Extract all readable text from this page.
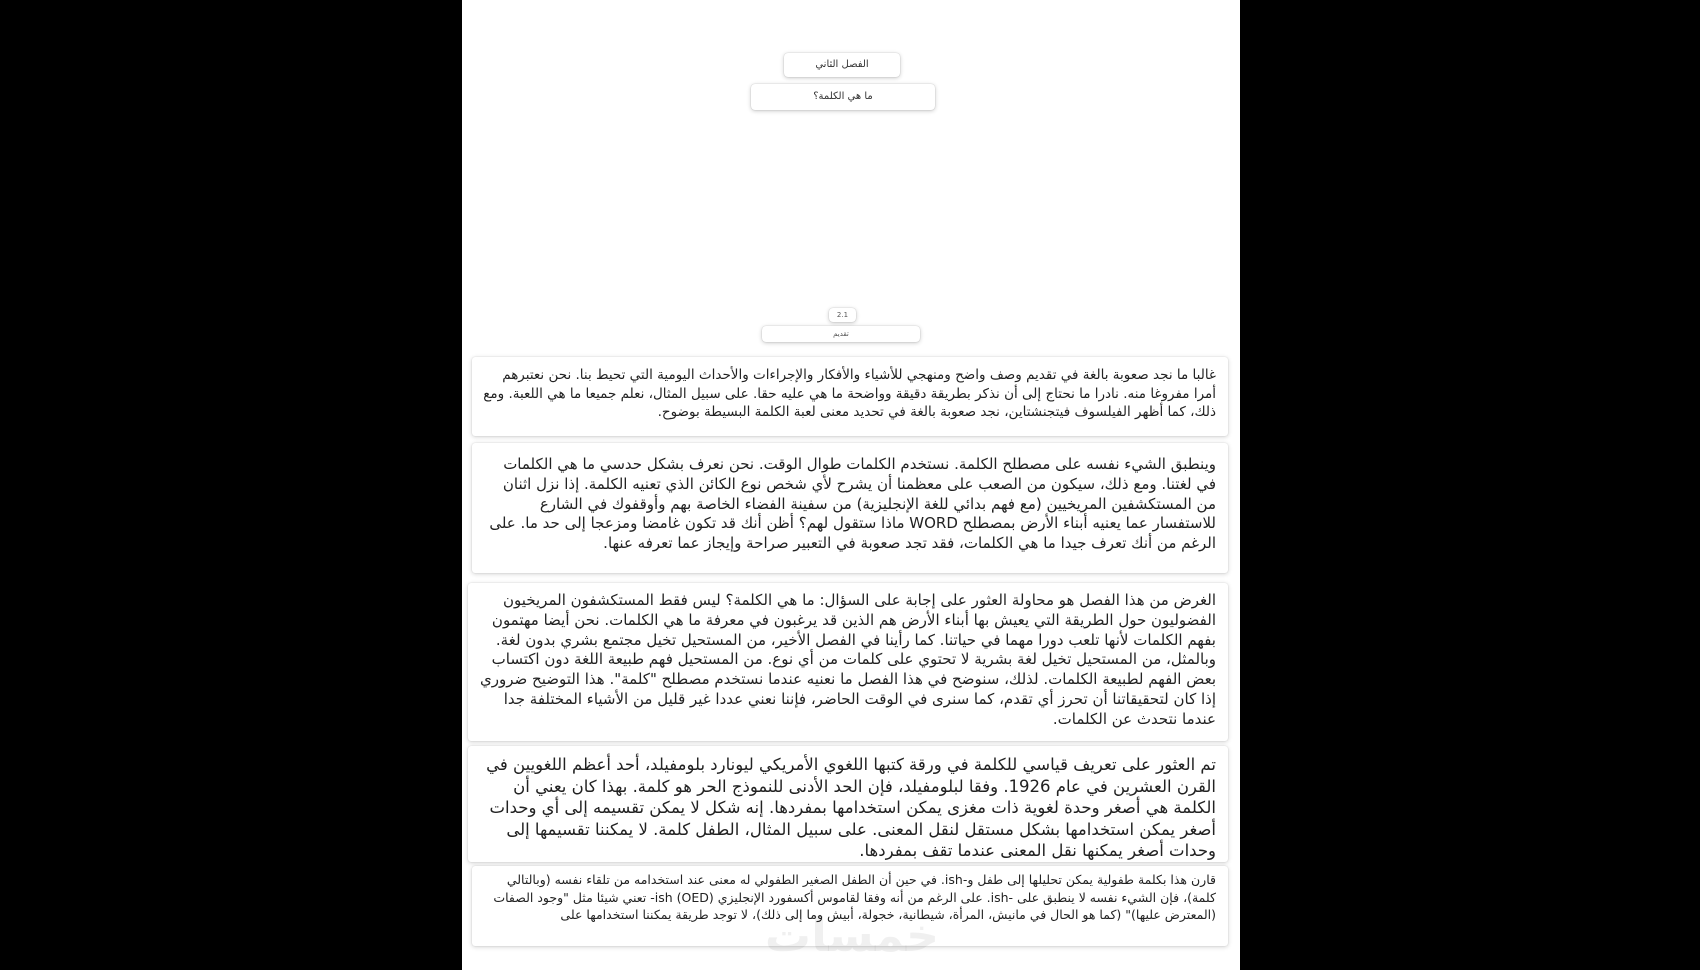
الفصل الثاني
ما هي الكلمة؟
2.1
تقديم
غالبا ما نجد صعوبة بالغة في تقديم وصف واضح ومنهجي للأشياء والأفكار والإجراءات والأحداث اليومية التي تحيط بنا. نحن نعتبرهم أمرا مفروغا منه. نادرا ما نحتاج إلى أن نذكر بطريقة دقيقة وواضحة ما هي عليه حقا. على سبيل المثال، نعلم جميعا ما هي اللعبة. ومع ذلك، كما أظهر الفيلسوف فيتجنشتاين، نجد صعوبة بالغة في تحديد معنى لعبة الكلمة البسيطة بوضوح.
وينطبق الشيء نفسه على مصطلح الكلمة. نستخدم الكلمات طوال الوقت. نحن نعرف بشكل حدسي ما هي الكلمات في لغتنا. ومع ذلك، سيكون من الصعب على معظمنا أن يشرح لأي شخص نوع الكائن الذي تعنيه الكلمة. إذا نزل اثنان من المستكشفين المريخيين (مع فهم بدائي للغة الإنجليزية) من سفينة الفضاء الخاصة بهم وأوقفوك في الشارع للاستفسار عما يعنيه أبناء الأرض بمصطلح WORD ماذا ستقول لهم؟ أظن أنك قد تكون غامضا ومزعجا إلى حد ما. على الرغم من أنك تعرف جيدا ما هي الكلمات، فقد تجد صعوبة في التعبير صراحة وإيجاز عما تعرفه عنها.
الغرض من هذا الفصل هو محاولة العثور على إجابة على السؤال: ما هي الكلمة؟ ليس فقط المستكشفون المريخيون الفضوليون حول الطريقة التي يعيش بها أبناء الأرض هم الذين قد يرغبون في معرفة ما هي الكلمات. نحن أيضا مهتمون بفهم الكلمات لأنها تلعب دورا مهما في حياتنا. كما رأينا في الفصل الأخير، من المستحيل تخيل مجتمع بشري بدون لغة. وبالمثل، من المستحيل تخيل لغة بشرية لا تحتوي على كلمات من أي نوع. من المستحيل فهم طبيعة اللغة دون اكتساب بعض الفهم لطبيعة الكلمات. لذلك، سنوضح في هذا الفصل ما نعنيه عندما نستخدم مصطلح "كلمة". هذا التوضيح ضروري إذا كان لتحقيقاتنا أن تحرز أي تقدم، كما سنرى في الوقت الحاضر، فإننا نعني عددا غير قليل من الأشياء المختلفة جدا عندما نتحدث عن الكلمات.
تم العثور على تعريف قياسي للكلمة في ورقة كتبها اللغوي الأمريكي ليونارد بلومفيلد، أحد أعظم اللغويين في القرن العشرين في عام 1926. وفقا لبلومفيلد، فإن الحد الأدنى للنموذج الحر هو كلمة. بهذا كان يعني أن الكلمة هي أصغر وحدة لغوية ذات مغزى يمكن استخدامها بمفردها. إنه شكل لا يمكن تقسيمه إلى أي وحدات أصغر يمكن استخدامها بشكل مستقل لنقل المعنى. على سبيل المثال، الطفل كلمة. لا يمكننا تقسيمها إلى وحدات أصغر يمكنها نقل المعنى عندما تقف بمفردها.
قارن هذا بكلمة طفولية يمكن تحليلها إلى طفل و-ish. في حين أن الطفل الصغير الطفولي له معنى عند استخدامه من تلقاء نفسه (وبالتالي كلمة)، فإن الشيء نفسه لا ينطبق على -ish. على الرغم من أنه وفقا لقاموس أكسفورد الإنجليزي (OED) ish- تعني شيئا مثل "وجود الصفات (المعترض عليها)" (كما هو الحال في مانيش، المرأة، شيطانية، خجولة، أبيش وما إلى ذلك)، لا توجد طريقة يمكننا استخدامها على
خمسات
